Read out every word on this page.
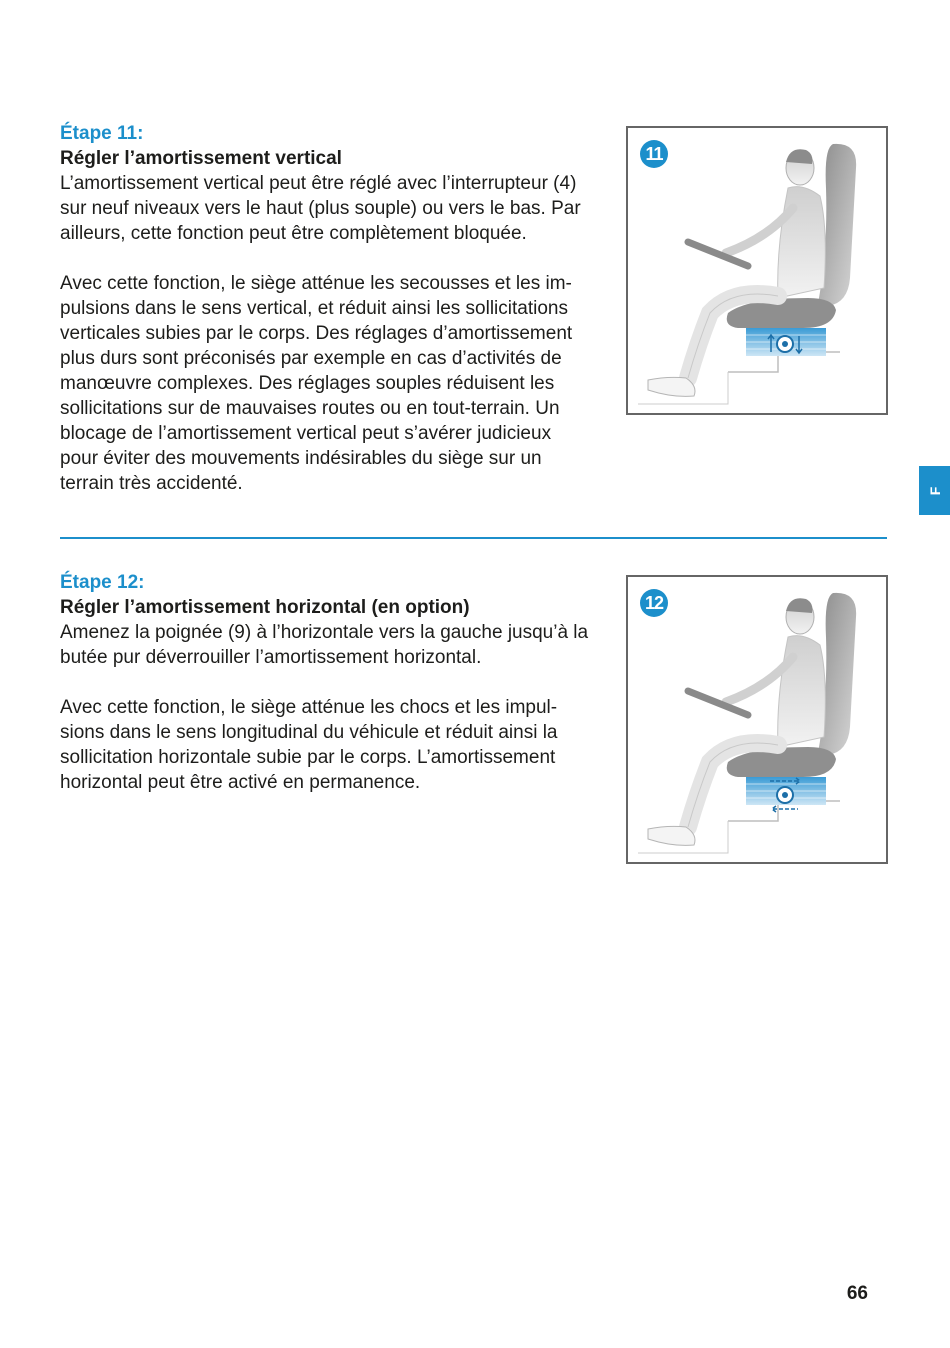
Étape 11:

Régler l’amortissement vertical

L’amortissement vertical peut être réglé avec l’interrupteur (4)

sur neuf niveaux vers le haut (plus souple) ou vers le bas. Par

ailleurs, cette fonction peut être complètement bloquée.

Avec cette fonction, le siège atténue les secousses et les im-

pulsions dans le sens vertical, et réduit ainsi les sollicitations

verticales subies par le corps. Des réglages d’amortissement

plus durs sont préconisés par exemple en cas d’activités de

manœuvre complexes. Des réglages souples réduisent les

sollicitations sur de mauvaises routes ou en tout-terrain. Un

blocage de l’amortissement vertical peut s’avérer judicieux

pour éviter des mouvements indésirables du siège sur un

terrain très accidenté.

11

Étape 12:

Régler l’amortissement horizontal (en option)

Amenez la poignée (9) à l’horizontale vers la gauche jusqu’à la

butée pur déverrouiller l’amortissement horizontal.

Avec cette fonction, le siège atténue les chocs et les impul-

sions dans le sens longitudinal du véhicule et réduit ainsi la

sollicitation horizontale subie par le corps. L’amortissement

horizontal peut être activé en permanence.

12
F
66
